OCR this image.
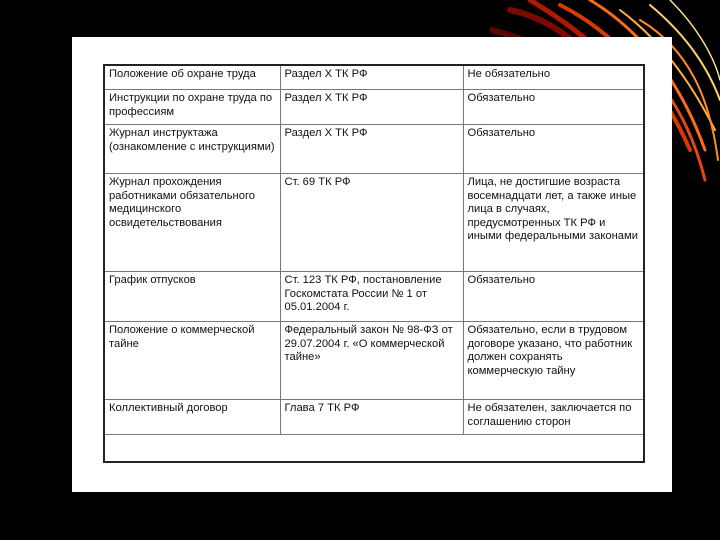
Положение об охране труда	Раздел X ТК РФ	Не обязательно
Инструкции по охране труда по профессиям	Раздел X ТК РФ	Обязательно
Журнал инструктажа (ознакомление с инструкциями)	Раздел X ТК РФ	Обязательно
Журнал прохождения работниками обязательного медицинского освидетельствования	Ст. 69 ТК РФ	Лица, не достигшие возраста восемнадцати лет, а также иные лица в случаях, предусмотренных ТК РФ и иными федеральными законами
График отпусков	Ст. 123 ТК РФ, постановление Госкомстата России № 1 от 05.01.2004 г.	Обязательно
Положение о коммерческой тайне	Федеральный закон № 98-ФЗ от 29.07.2004 г. «О коммерческой тайне»	Обязательно, если в трудовом договоре указано, что работник должен сохранять коммерческую тайну
Коллективный договор	Глава 7 ТК РФ	Не обязателен, заключается по соглашению сторон
